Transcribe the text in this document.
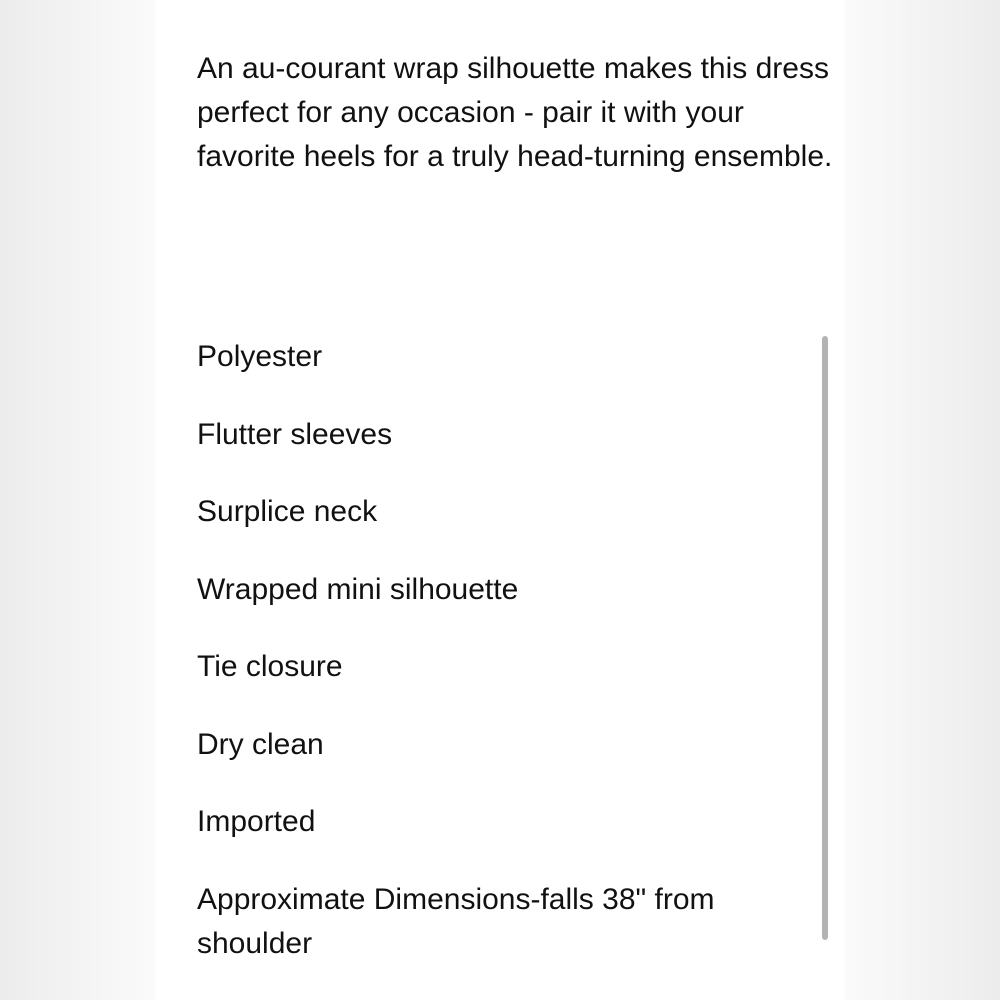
An au-courant wrap silhouette makes this dress perfect for any occasion - pair it with your favorite heels for a truly head-turning ensemble.

Polyester
Flutter sleeves
Surplice neck
Wrapped mini silhouette
Tie closure
Dry clean
Imported
Approximate Dimensions-falls 38" from shoulder
